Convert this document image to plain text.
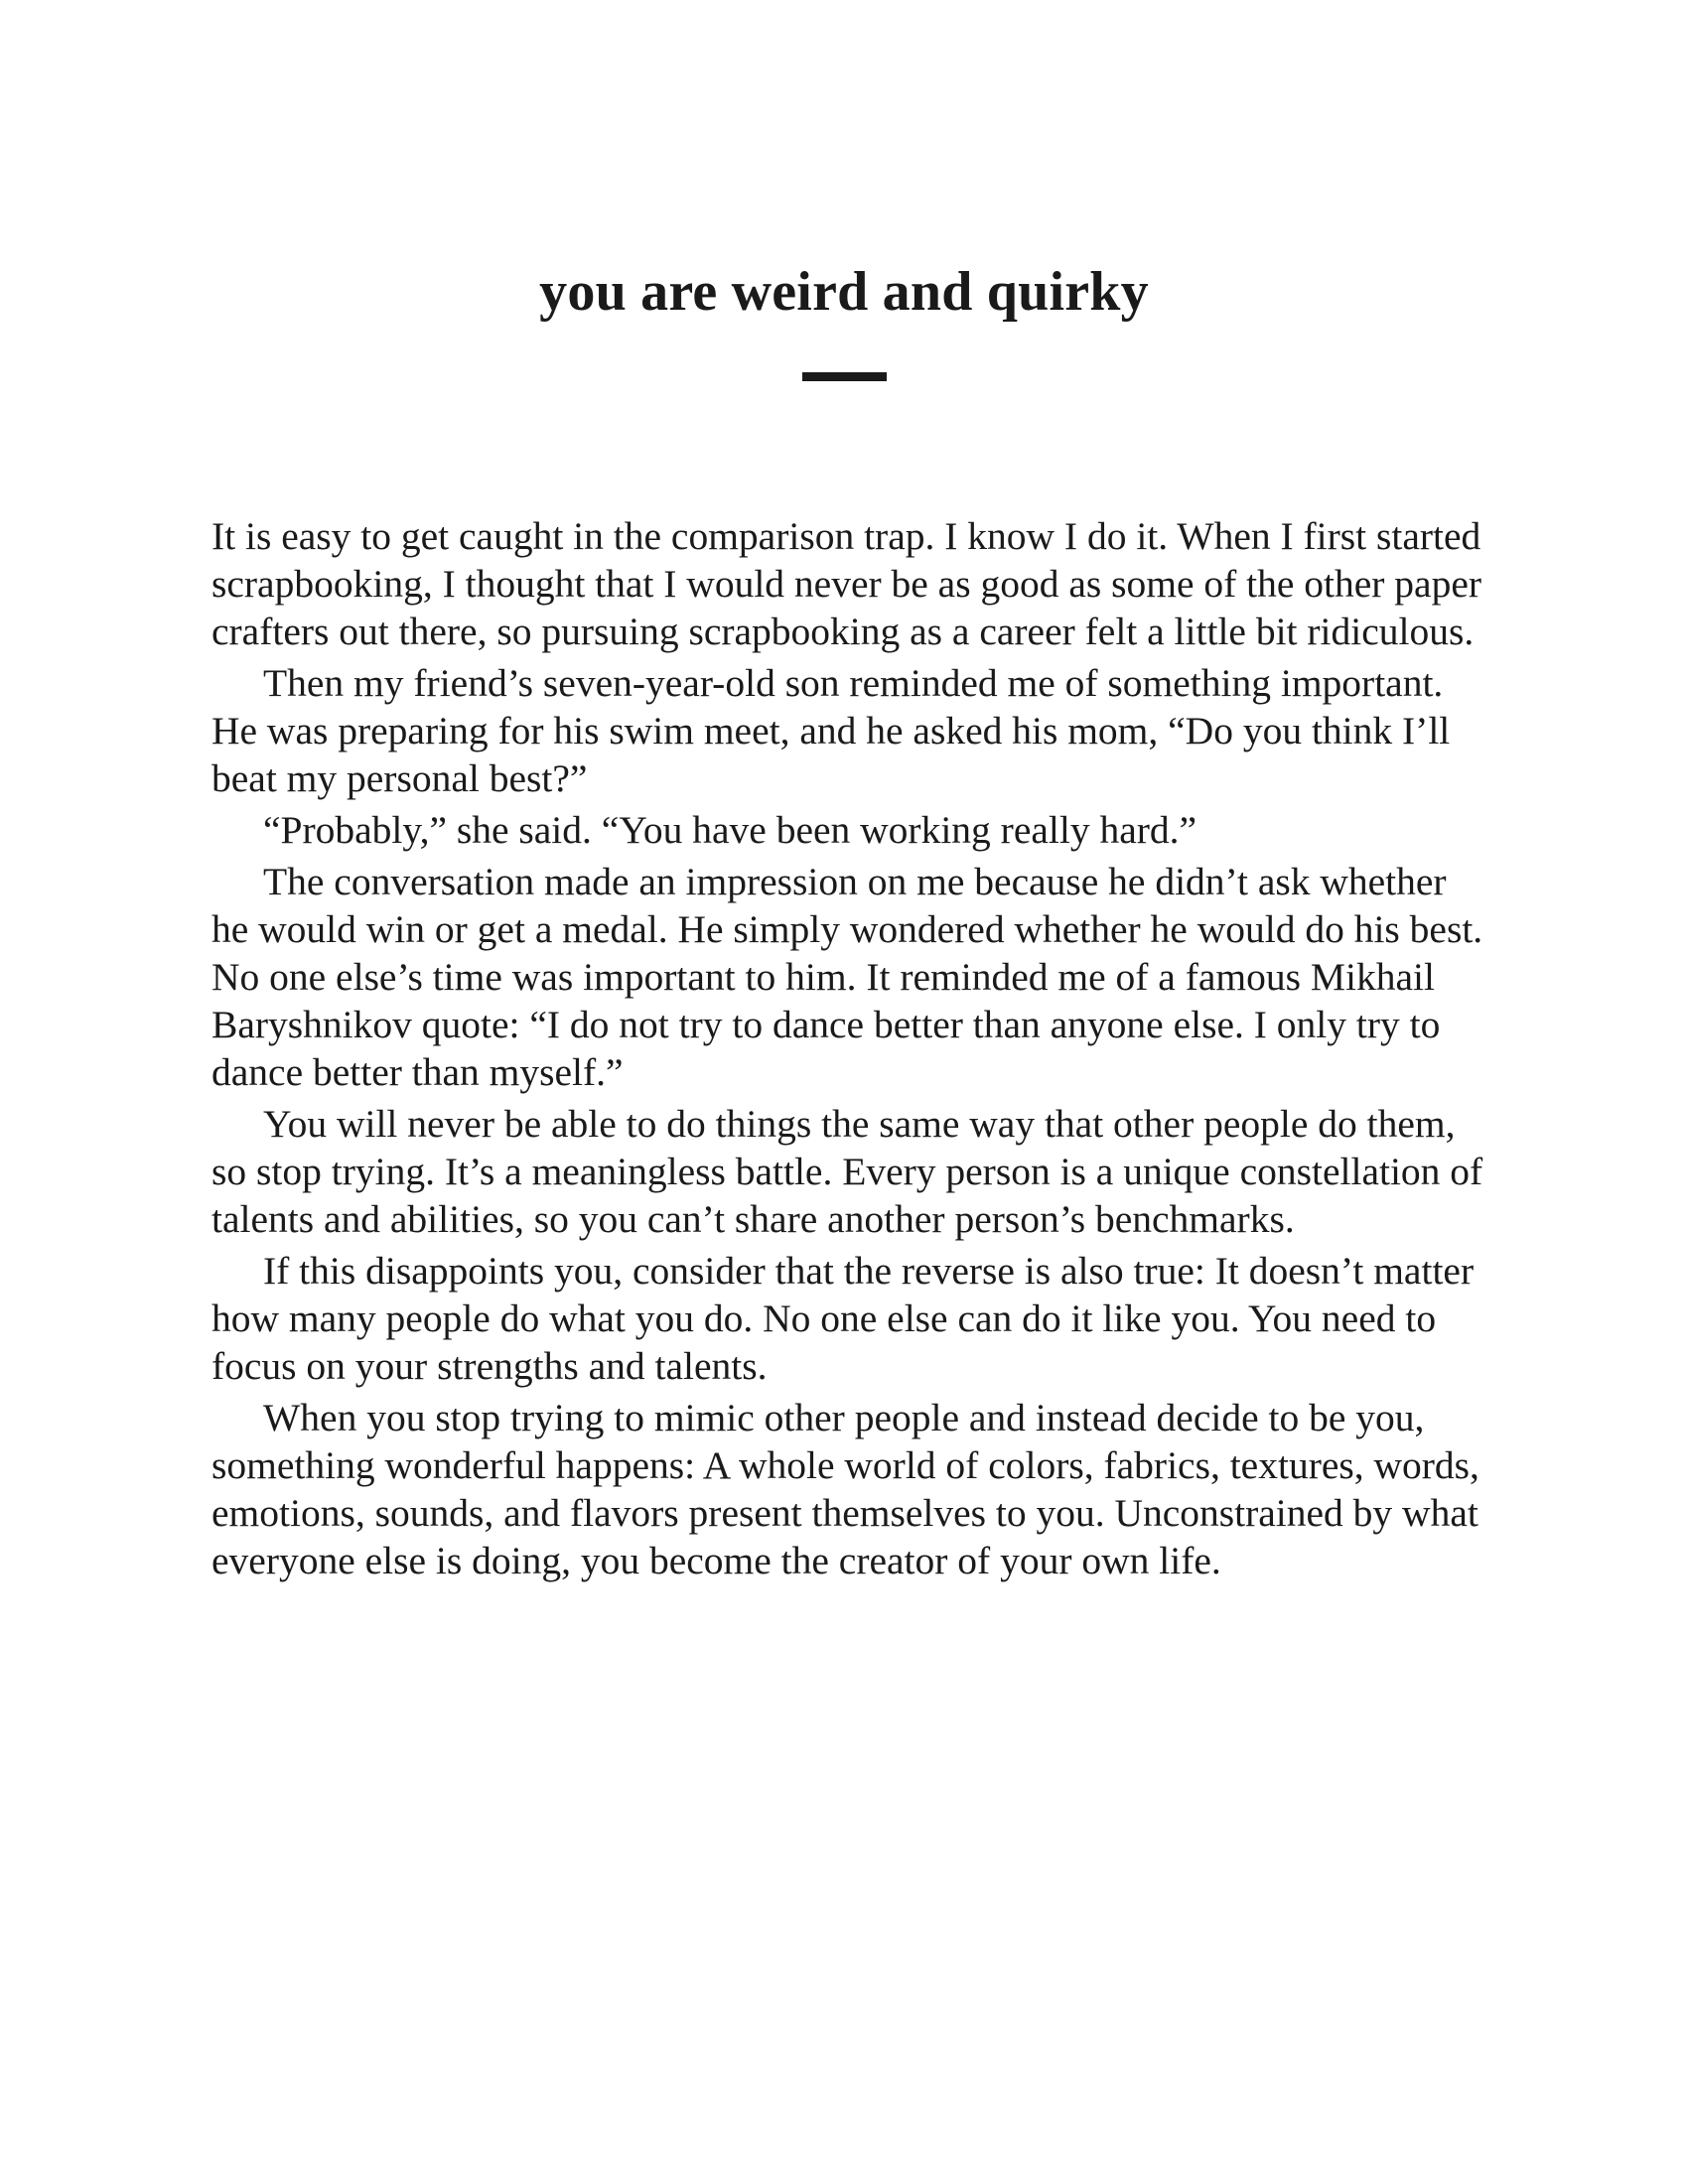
you are weird and quirky

It is easy to get caught in the comparison trap. I know I do it. When I first started scrapbooking, I thought that I would never be as good as some of the other paper crafters out there, so pursuing scrapbooking as a career felt a little bit ridiculous.

Then my friend’s seven-year-old son reminded me of something important. He was preparing for his swim meet, and he asked his mom, “Do you think I’ll beat my personal best?”

“Probably,” she said. “You have been working really hard.”

The conversation made an impression on me because he didn’t ask whether he would win or get a medal. He simply wondered whether he would do his best. No one else’s time was important to him. It reminded me of a famous Mikhail Baryshnikov quote: “I do not try to dance better than anyone else. I only try to dance better than myself.”

You will never be able to do things the same way that other people do them, so stop trying. It’s a meaningless battle. Every person is a unique constellation of talents and abilities, so you can’t share another person’s benchmarks.

If this disappoints you, consider that the reverse is also true: It doesn’t matter how many people do what you do. No one else can do it like you. You need to focus on your strengths and talents.

When you stop trying to mimic other people and instead decide to be you, something wonderful happens: A whole world of colors, fabrics, textures, words, emotions, sounds, and flavors present themselves to you. Unconstrained by what everyone else is doing, you become the creator of your own life.
